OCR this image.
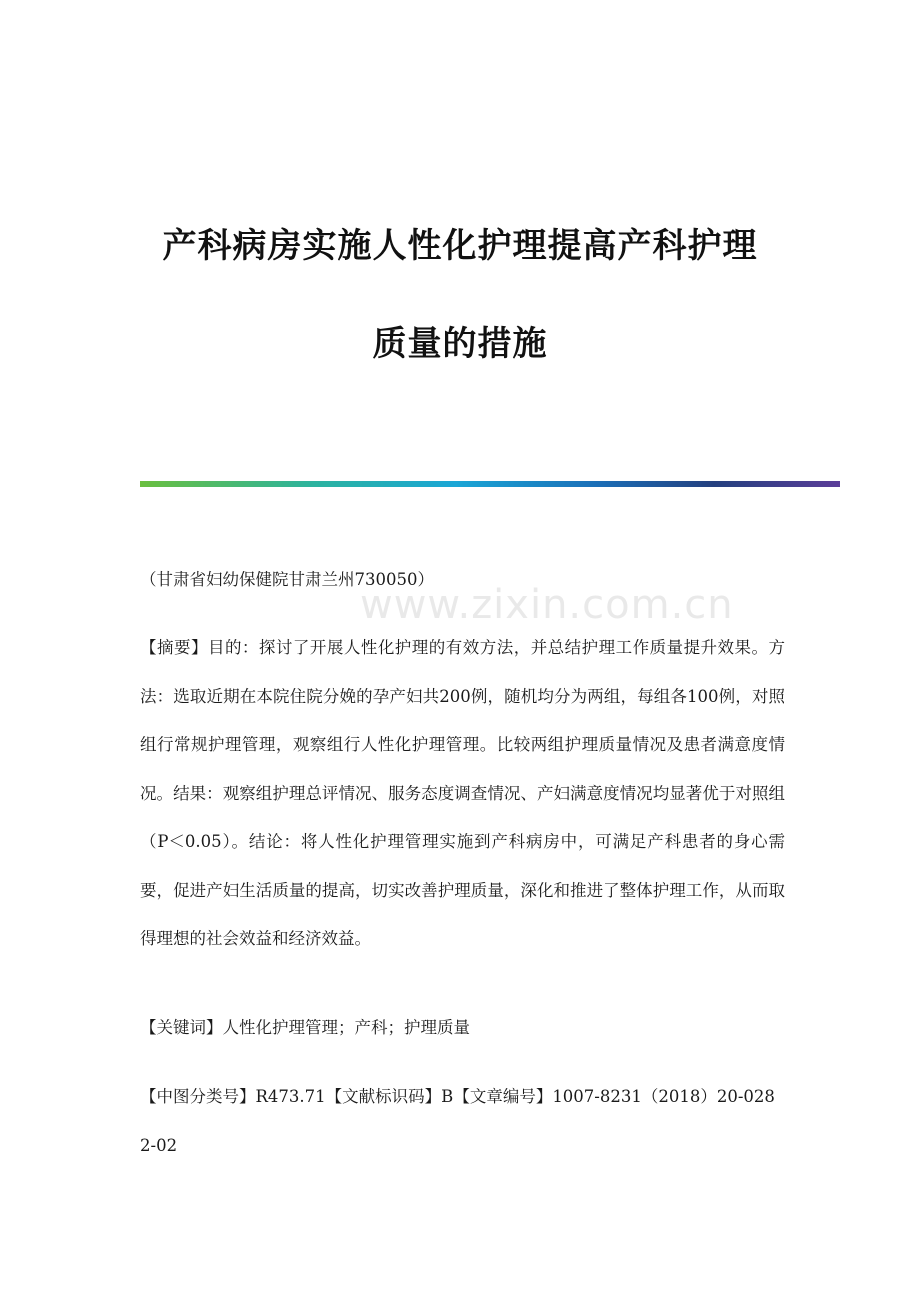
产科病房实施人性化护理提高产科护理
质量的措施
www.zixin.com.cn
（甘肃省妇幼保健院甘肃兰州730050）
【摘要】目的：探讨了开展人性化护理的有效方法，并总结护理工作质量提升效果。方法：选取近期在本院住院分娩的孕产妇共200例，随机均分为两组，每组各100例，对照组行常规护理管理，观察组行人性化护理管理。比较两组护理质量情况及患者满意度情况。结果：观察组护理总评情况、服务态度调查情况、产妇满意度情况均显著优于对照组（P＜0.05）。结论：将人性化护理管理实施到产科病房中，可满足产科患者的身心需要，促进产妇生活质量的提高，切实改善护理质量，深化和推进了整体护理工作，从而取得理想的社会效益和经济效益。
【关键词】人性化护理管理；产科；护理质量
【中图分类号】R473.71【文献标识码】B【文章编号】1007-8231（2018）20-0282-02
